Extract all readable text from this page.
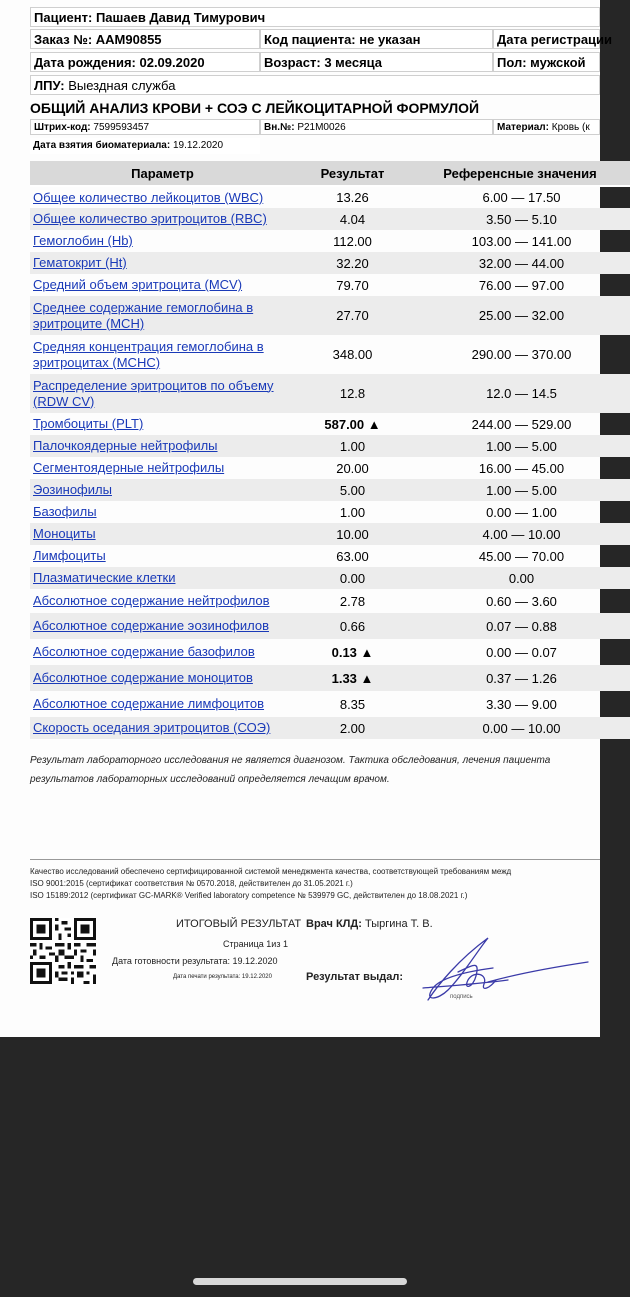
Пациент: Пашаев Давид Тимурович
Заказ №: AAM90855	Код пациента: не указан	Дата регистрации
Дата рождения: 02.09.2020	Возраст: 3 месяца	Пол: мужской
ЛПУ: Выездная служба
ОБЩИЙ АНАЛИЗ КРОВИ + СОЭ С ЛЕЙКОЦИТАРНОЙ ФОРМУЛОЙ
Штрих-код: 7599593457	Вн.№: P21M0026	Материал: Кровь (к
Дата взятия биоматериала: 19.12.2020
Параметр	Результат	Референсные значения
Общее количество лейкоцитов (WBC)	13.26	6.00 — 17.50
Общее количество эритроцитов (RBC)	4.04	3.50 — 5.10
Гемоглобин (Hb)	112.00	103.00 — 141.00
Гематокрит (Ht)	32.20	32.00 — 44.00
Средний объем эритроцита (MCV)	79.70	76.00 — 97.00
Среднее содержание гемоглобина в эритроците (MCH)	27.70	25.00 — 32.00
Средняя концентрация гемоглобина в эритроцитах (MCHC)	348.00	290.00 — 370.00
Распределение эритроцитов по объему (RDW CV)	12.8	12.0 — 14.5
Тромбоциты (PLT)	587.00 ▲	244.00 — 529.00
Палочкоядерные нейтрофилы	1.00	1.00 — 5.00
Сегментоядерные нейтрофилы	20.00	16.00 — 45.00
Эозинофилы	5.00	1.00 — 5.00
Базофилы	1.00	0.00 — 1.00
Моноциты	10.00	4.00 — 10.00
Лимфоциты	63.00	45.00 — 70.00
Плазматические клетки	0.00	0.00
Абсолютное содержание нейтрофилов	2.78	0.60 — 3.60
Абсолютное содержание эозинофилов	0.66	0.07 — 0.88
Абсолютное содержание базофилов	0.13 ▲	0.00 — 0.07
Абсолютное содержание моноцитов	1.33 ▲	0.37 — 1.26
Абсолютное содержание лимфоцитов	8.35	3.30 — 9.00
Скорость оседания эритроцитов (СОЭ)	2.00	0.00 — 10.00
Результат лабораторного исследования не является диагнозом. Тактика обследования, лечения пациента
результатов лабораторных исследований определяется лечащим врачом.
Качество исследований обеспечено сертифицированной системой менеджмента качества, соответствующей требованиям межд
ISO 9001:2015 (сертификат соответствия № 0570.2018, действителен до 31.05.2021 г.)
ISO 15189:2012 (сертификат GC-MARK® Verified laboratory competence № 539979 GC, действителен до 18.08.2021 г.)
ИТОГОВЫЙ РЕЗУЛЬТАТ Врач КЛД: Тыргина Т. В.
Страница 1из 1
Дата готовности результата: 19.12.2020
Дата печати результата: 19.12.2020	Результат выдал:
подпись
